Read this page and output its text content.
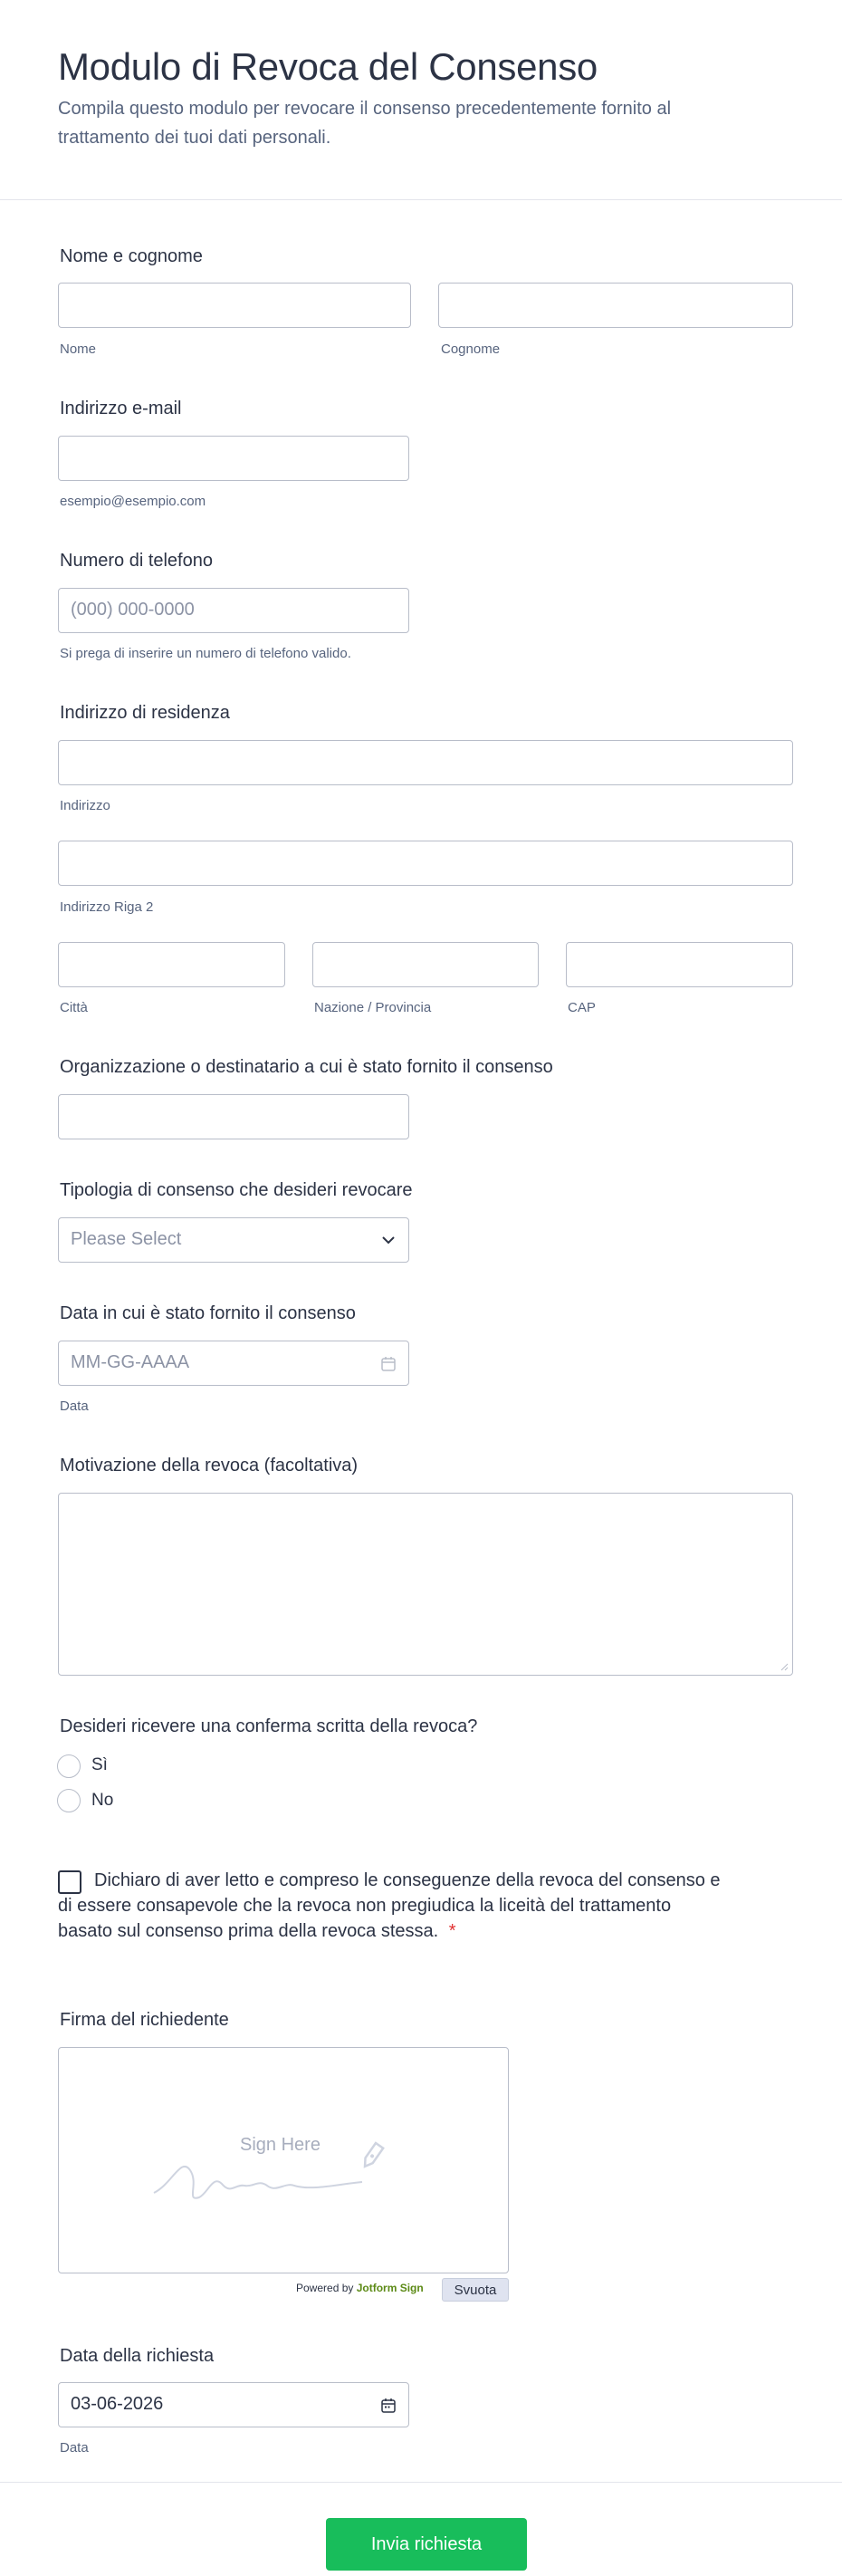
Modulo di Revoca del Consenso
Compila questo modulo per revocare il consenso precedentemente fornito al trattamento dei tuoi dati personali.
Nome e cognome
Nome	Cognome
Indirizzo e-mail
esempio@esempio.com
Numero di telefono
(000) 000-0000
Si prega di inserire un numero di telefono valido.
Indirizzo di residenza
Indirizzo
Indirizzo Riga 2
Città	Nazione / Provincia	CAP
Organizzazione o destinatario a cui è stato fornito il consenso
Tipologia di consenso che desideri revocare
Please Select
Data in cui è stato fornito il consenso
MM-GG-AAAA
Data
Motivazione della revoca (facoltativa)
Desideri ricevere una conferma scritta della revoca?
Sì
No
Dichiaro di aver letto e compreso le conseguenze della revoca del consenso e di essere consapevole che la revoca non pregiudica la liceità del trattamento basato sul consenso prima della revoca stessa. *
Firma del richiedente
Sign Here
Powered by Jotform Sign	Svuota
Data della richiesta
03-06-2026
Data
Invia richiesta
